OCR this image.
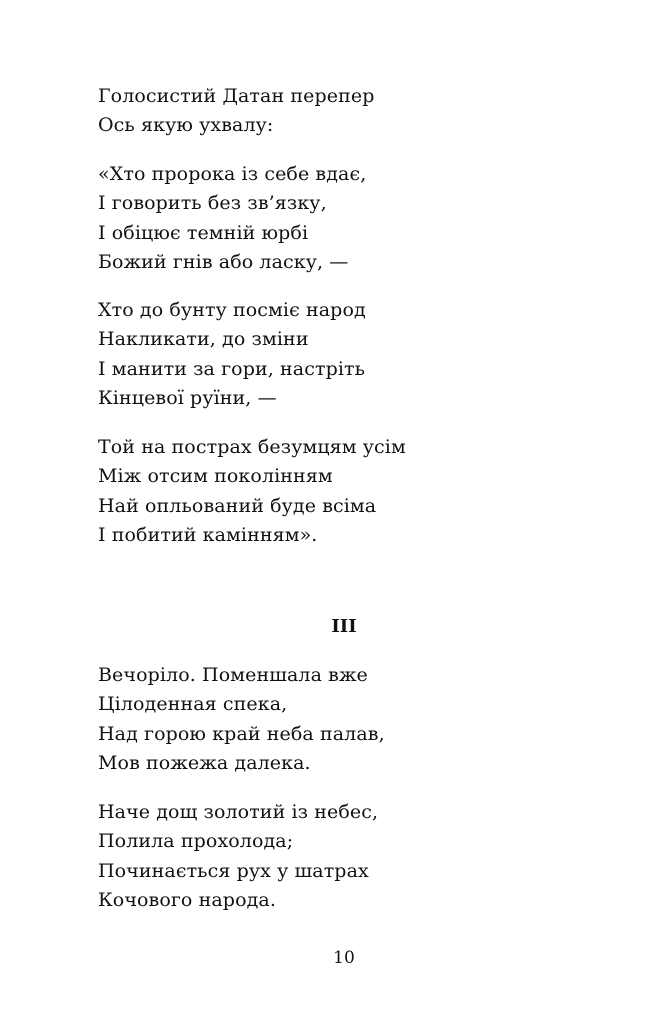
Голосистий Датан перепер
Ось якую ухвалу:

«Хто пророка із себе вдає,
І говорить без зв’язку,
І обіцює темній юрбі
Божий гнів або ласку, —

Хто до бунту посміє народ
Накликати, до зміни
І манити за гори, настріть
Кінцевої руїни, —

Той на пострах безумцям усім
Між отсим поколінням
Най опльований буде всіма
І побитий камінням».

III

Вечоріло. Поменшала вже
Цілоденная спека,
Над горою край неба палав,
Мов пожежа далека.

Наче дощ золотий із небес,
Полила прохолода;
Починається рух у шатрах
Кочового народа.

10
